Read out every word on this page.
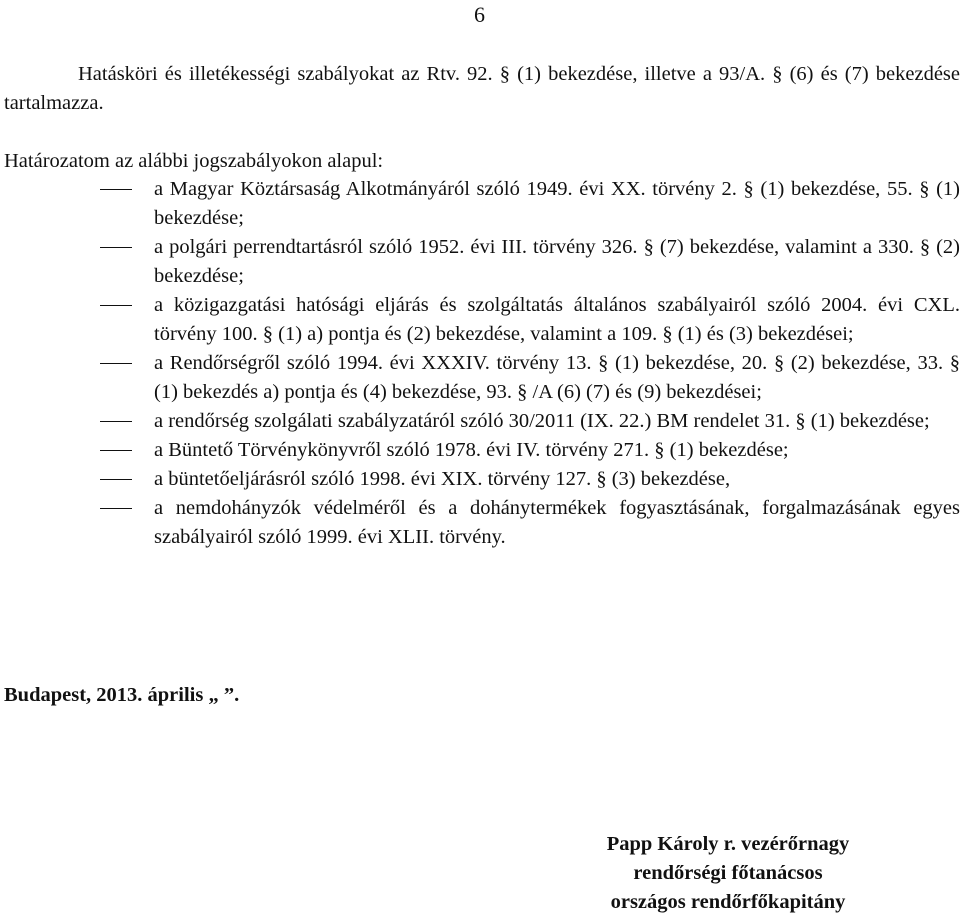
6
Hatásköri és illetékességi szabályokat az Rtv. 92. § (1) bekezdése, illetve a 93/A. § (6) és (7) bekezdése tartalmazza.
Határozatom az alábbi jogszabályokon alapul:
a Magyar Köztársaság Alkotmányáról szóló 1949. évi XX. törvény 2. § (1) bekezdése, 55. § (1) bekezdése;
a polgári perrendtartásról szóló 1952. évi III. törvény 326. § (7) bekezdése, valamint a 330. § (2) bekezdése;
a közigazgatási hatósági eljárás és szolgáltatás általános szabályairól szóló 2004. évi CXL. törvény 100. § (1) a) pontja és (2) bekezdése, valamint a 109. § (1) és (3) bekezdései;
a Rendőrségről szóló 1994. évi XXXIV. törvény 13. § (1) bekezdése, 20. § (2) bekezdése, 33. § (1) bekezdés a) pontja és (4) bekezdése, 93. § /A (6) (7) és (9) bekezdései;
a rendőrség szolgálati szabályzatáról szóló 30/2011 (IX. 22.) BM rendelet 31. § (1) bekezdése;
a Büntető Törvénykönyvről szóló 1978. évi IV. törvény 271. § (1) bekezdése;
a büntetőeljárásról szóló 1998. évi XIX. törvény 127. § (3) bekezdése,
a nemdohányzók védelméről és a dohánytermékek fogyasztásának, forgalmazásának egyes szabályairól szóló 1999. évi XLII. törvény.
Budapest, 2013. április „ ”.
Papp Károly r. vezérőrnagy
rendőrségi főtanácsos
országos rendőrfőkapitány
